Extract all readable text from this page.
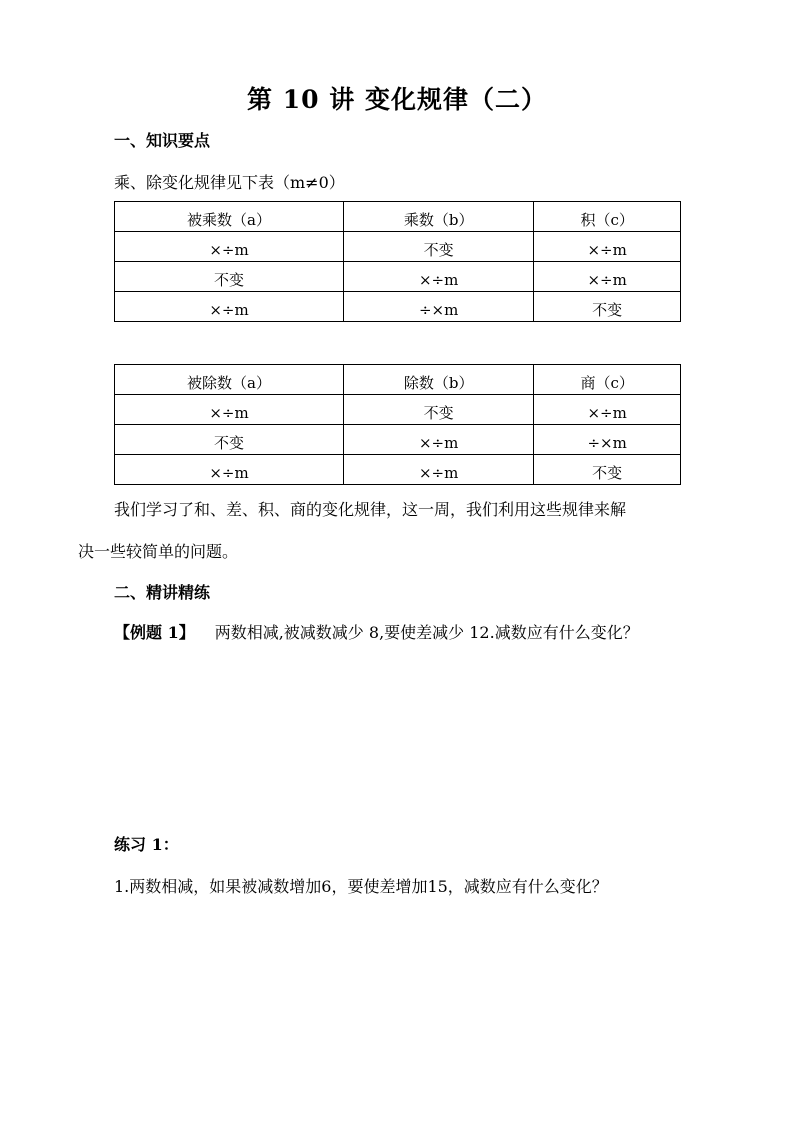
第 10 讲 变化规律（二）
一、知识要点
乘、除变化规律见下表（m≠0）
被乘数（a）	乘数（b）	积（c）
×÷m	不变	×÷m
不变	×÷m	×÷m
×÷m	÷×m	不变
被除数（a）	除数（b）	商（c）
×÷m	不变	×÷m
不变	×÷m	÷×m
×÷m	×÷m	不变
我们学习了和、差、积、商的变化规律，这一周，我们利用这些规律来解
决一些较简单的问题。
二、精讲精练
【例题 1】 两数相减,被减数减少 8,要使差减少 12.减数应有什么变化？
练习 1：
1.两数相减，如果被减数增加6，要使差增加15，减数应有什么变化？
